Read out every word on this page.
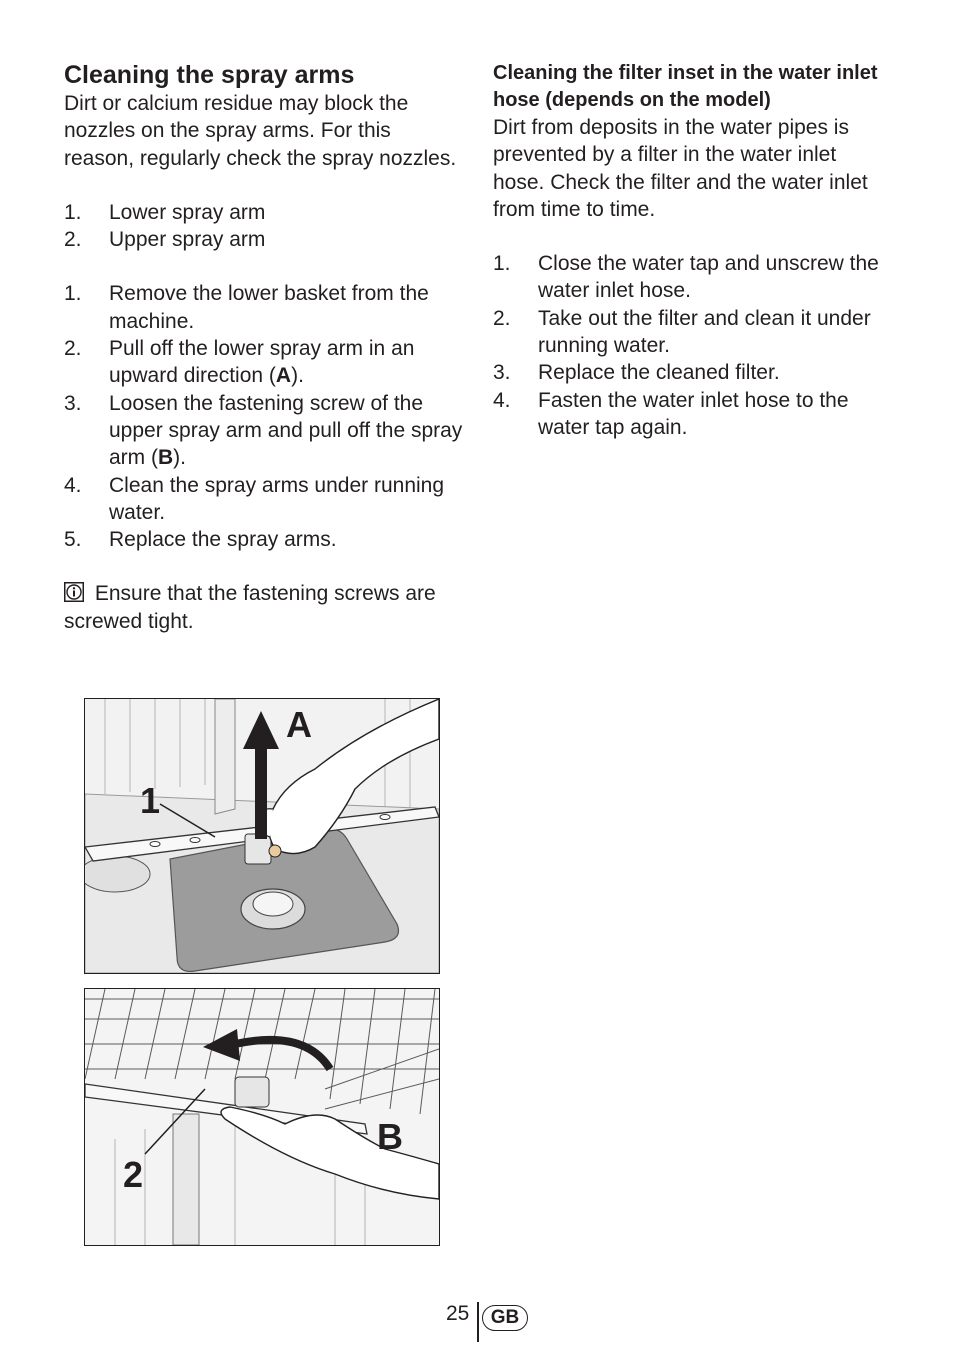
Cleaning the spray arms

Dirt or calcium residue may block the nozzles on the spray arms. For this reason, regularly check the spray nozzles.

1. Lower spray arm
2. Upper spray arm
1. Remove the lower basket from the machine.
2. Pull off the lower spray arm in an upward direction (A).
3. Loosen the fastening screw of the upper spray arm and pull off the spray arm (B).
4. Clean the spray arms under running water.
5. Replace the spray arms.

Ensure that the fastening screws are screwed tight.

Cleaning the filter inset in the water inlet hose (depends on the model)

Dirt from deposits in the water pipes is prevented by a filter in the water inlet hose. Check the filter and the water inlet from time to time.

1. Close the water tap and unscrew the water inlet hose.
2. Take out the filter and clean it under running water.
3. Replace the cleaned filter.
4. Fasten the water inlet hose to the water tap again.
A
1
B
2
25	GB
